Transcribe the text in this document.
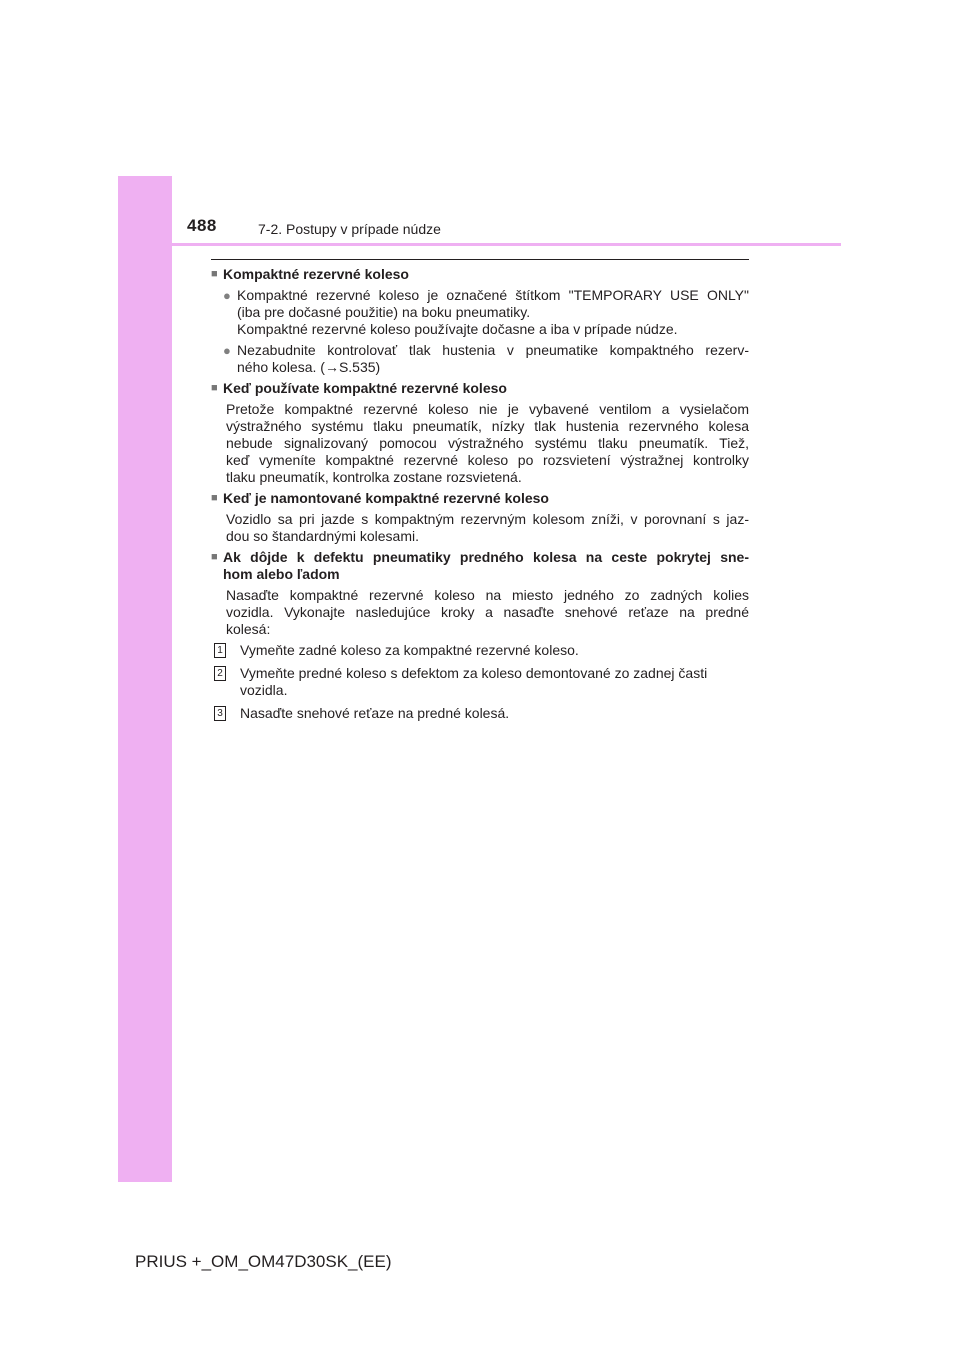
488	7-2. Postupy v prípade núdze
■ Kompaktné rezervné koleso
● Kompaktné rezervné koleso je označené štítkom "TEMPORARY USE ONLY"
(iba pre dočasné použitie) na boku pneumatiky.
Kompaktné rezervné koleso používajte dočasne a iba v prípade núdze.
● Nezabudnite kontrolovať tlak hustenia v pneumatike kompaktného rezerv-
ného kolesa. (→S.535)
■ Keď používate kompaktné rezervné koleso
Pretože kompaktné rezervné koleso nie je vybavené ventilom a vysielačom
výstražného systému tlaku pneumatík, nízky tlak hustenia rezervného kolesa
nebude signalizovaný pomocou výstražného systému tlaku pneumatík. Tiež,
keď vymeníte kompaktné rezervné koleso po rozsvietení výstražnej kontrolky
tlaku pneumatík, kontrolka zostane rozsvietená.
■ Keď je namontované kompaktné rezervné koleso
Vozidlo sa pri jazde s kompaktným rezervným kolesom zníži, v porovnaní s jaz-
dou so štandardnými kolesami.
■ Ak dôjde k defektu pneumatiky predného kolesa na ceste pokrytej sne-
hom alebo ľadom
Nasaďte kompaktné rezervné koleso na miesto jedného zo zadných kolies
vozidla. Vykonajte nasledujúce kroky a nasaďte snehové reťaze na predné
kolesá:
1 Vymeňte zadné koleso za kompaktné rezervné koleso.
2 Vymeňte predné koleso s defektom za koleso demontované zo zadnej časti
vozidla.
3 Nasaďte snehové reťaze na predné kolesá.
PRIUS +_OM_OM47D30SK_(EE)
